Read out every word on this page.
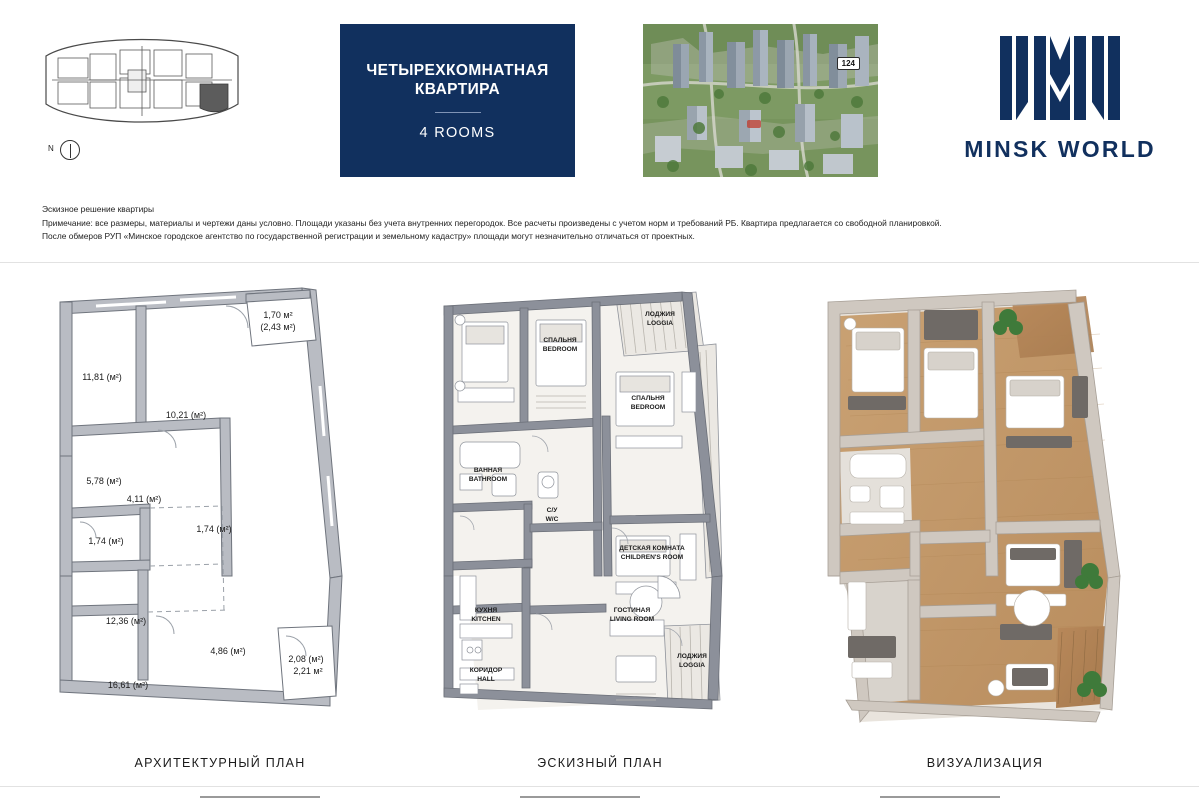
N
ЧЕТЫРЕХКОМНАТНАЯ
КВАРТИРА
4 ROOMS
124
MINSK WORLD
Эскизное решение квартиры
Примечание: все размеры, материалы и чертежи даны условно. Площади указаны без учета внутренних перегородок. Все расчеты произведены с учетом норм и требований РБ. Квартира предлагается со свободной планировкой.
После обмеров РУП «Минское городское агентство по государственной регистрации и земельному кадастру» площади могут незначительно отличаться от проектных.
11,81 (м²)
1,70 м²
(2,43 м²)
10,21 (м²)
5,78 (м²)
4,11 (м²)
1,74 (м²)
1,74 (м²)
12,36 (м²)
4,86 (м²)
16,61 (м²)
2,08 (м²)
2,21 м²
АРХИТЕКТУРНЫЙ ПЛАН
ЛОДЖИЯ
LOGGIA
СПАЛЬНЯ
BEDROOM
СПАЛЬНЯ
BEDROOM
ВАННАЯ
BATHROOM
С/У
W/C
ДЕТСКАЯ КОМНАТА
CHILDREN'S ROOM
КУХНЯ
KITCHEN
ГОСТИНАЯ
LIVING ROOM
КОРИДОР
HALL
ЛОДЖИЯ
LOGGIA
ЭСКИЗНЫЙ ПЛАН	ВИЗУАЛИЗАЦИЯ
